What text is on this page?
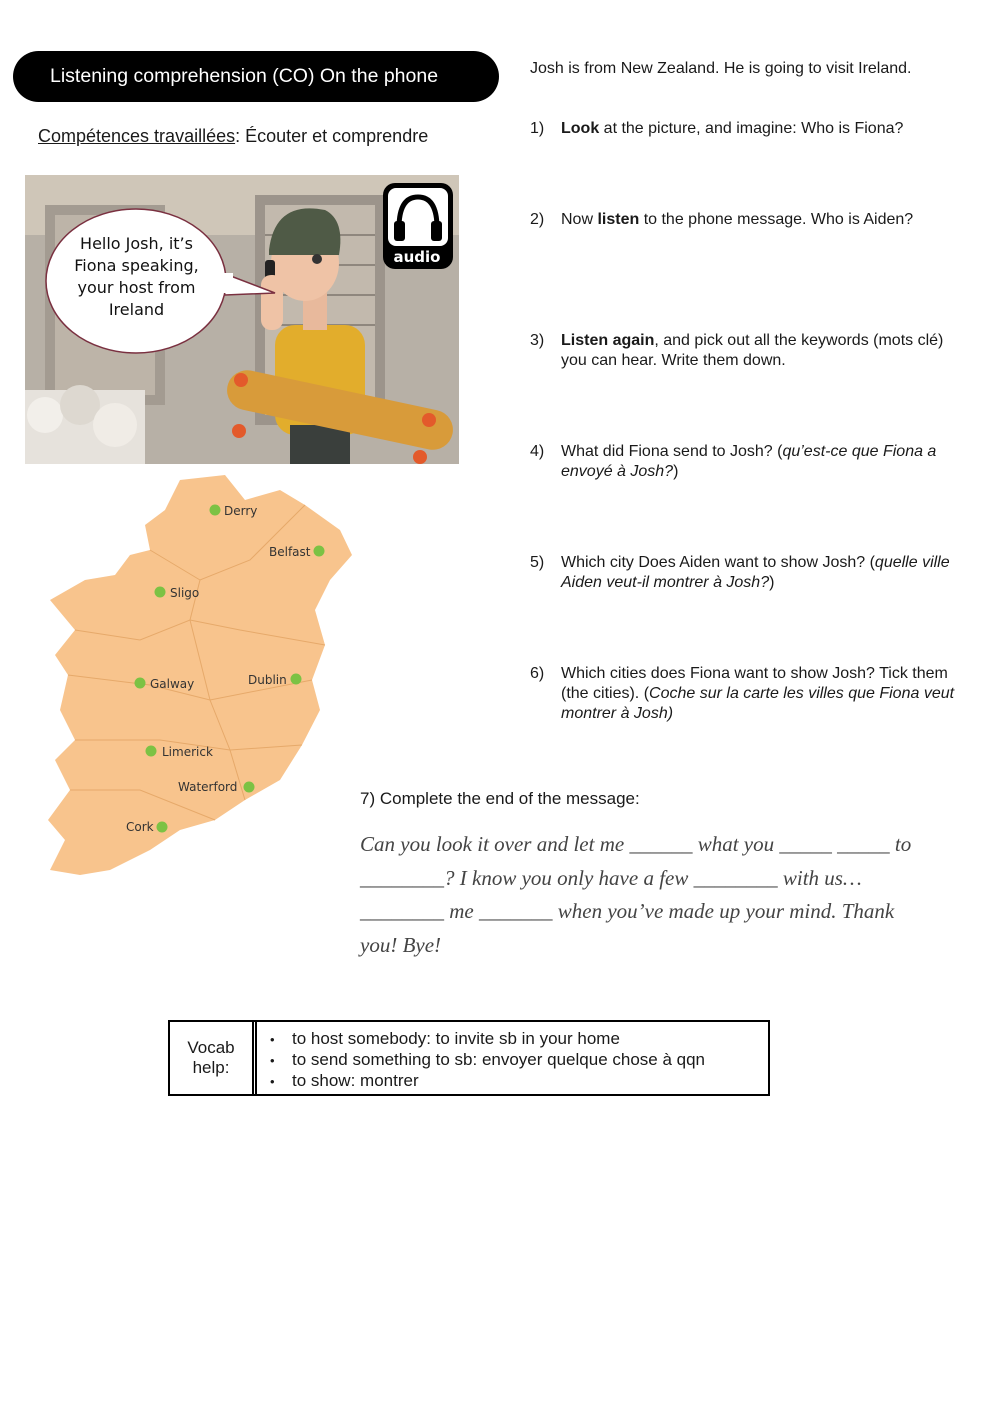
Listening comprehension (CO) On the phone
Compétences travaillées: Écouter et comprendre
Hello Josh, it’s Fiona speaking, your host from Ireland
audio
Derry
Belfast
Sligo
Galway	Dublin
Limerick
Waterford
Cork
Josh is from New Zealand. He is going to visit Ireland.
1)	Look at the picture, and imagine: Who is Fiona?
2)	Now listen to the phone message. Who is Aiden?
3)	Listen again, and pick out all the keywords (mots clé) you can hear. Write them down.
4)	What did Fiona send to Josh? (qu’est-ce que Fiona a envoyé à Josh?)
5)	Which city Does Aiden want to show Josh? (quelle ville Aiden veut-il montrer à Josh?)
6)	Which cities does Fiona want to show Josh? Tick them (the cities). (Coche sur la carte les villes que Fiona veut montrer à Josh)
7) Complete the end of the message:
Can you look it over and let me ______ what you _____ _____ to
________? I know you only have a few ________ with us…
________ me _______ when you’ve made up your mind. Thank
you! Bye!
Vocab help:
• to host somebody: to invite sb in your home
• to send something to sb: envoyer quelque chose à qqn
• to show: montrer
